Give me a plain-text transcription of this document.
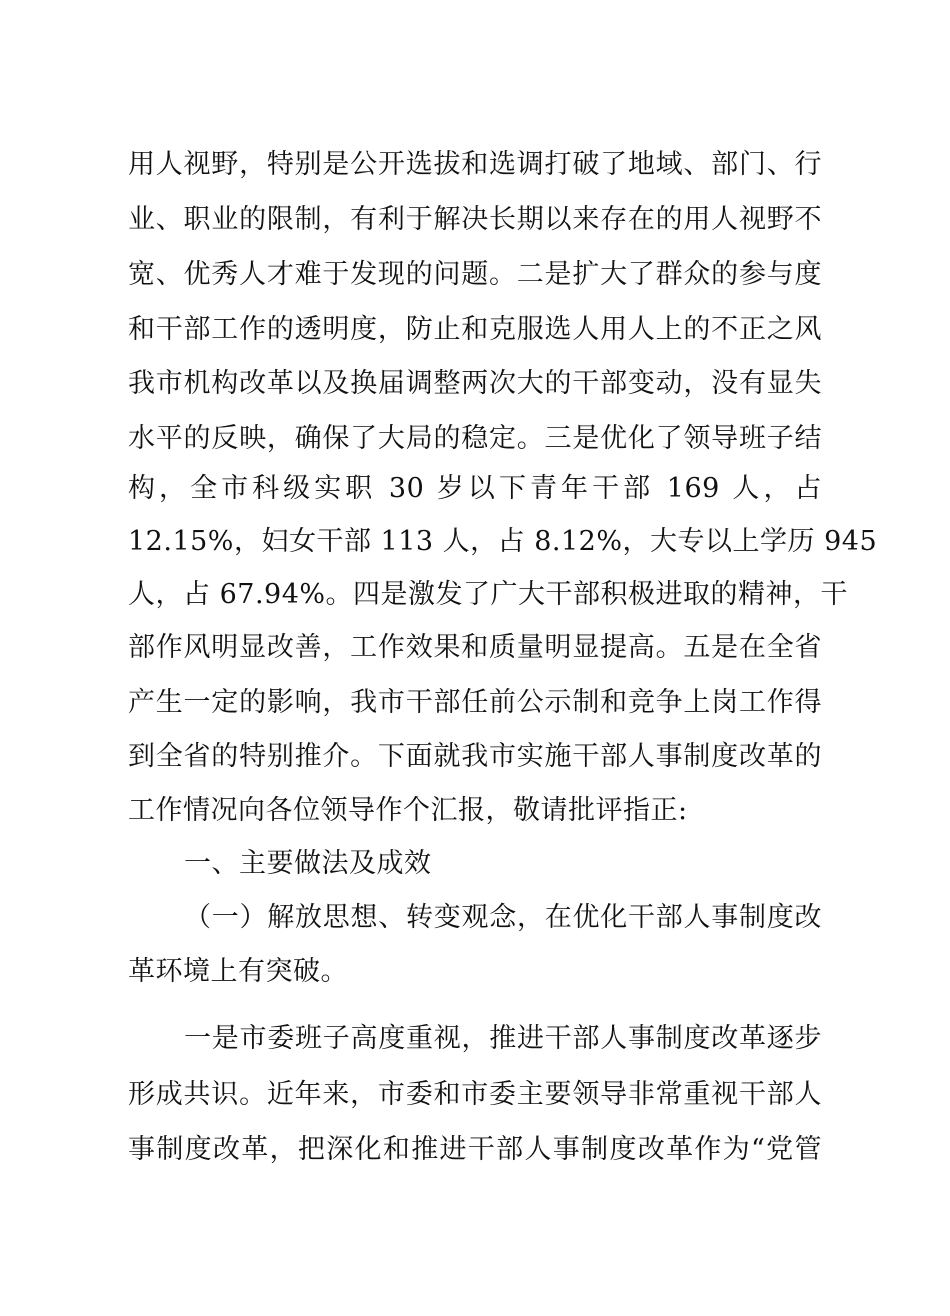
用人视野，特别是公开选拔和选调打破了地域、部门、行
业、职业的限制，有利于解决长期以来存在的用人视野不
宽、优秀人才难于发现的问题。二是扩大了群众的参与度
和干部工作的透明度，防止和克服选人用人上的不正之风
我市机构改革以及换届调整两次大的干部变动，没有显失
水平的反映，确保了大局的稳定。三是优化了领导班子结
构，全市科级实职 30 岁以下青年干部 169 人，占
12.15%，妇女干部 113 人，占 8.12%，大专以上学历 945
人，占 67.94%。四是激发了广大干部积极进取的精神，干
部作风明显改善，工作效果和质量明显提高。五是在全省
产生一定的影响，我市干部任前公示制和竞争上岗工作得
到全省的特别推介。下面就我市实施干部人事制度改革的
工作情况向各位领导作个汇报，敬请批评指正:
一、主要做法及成效
（一）解放思想、转变观念，在优化干部人事制度改
革环境上有突破。
一是市委班子高度重视，推进干部人事制度改革逐步
形成共识。近年来，市委和市委主要领导非常重视干部人
事制度改革，把深化和推进干部人事制度改革作为“党管
